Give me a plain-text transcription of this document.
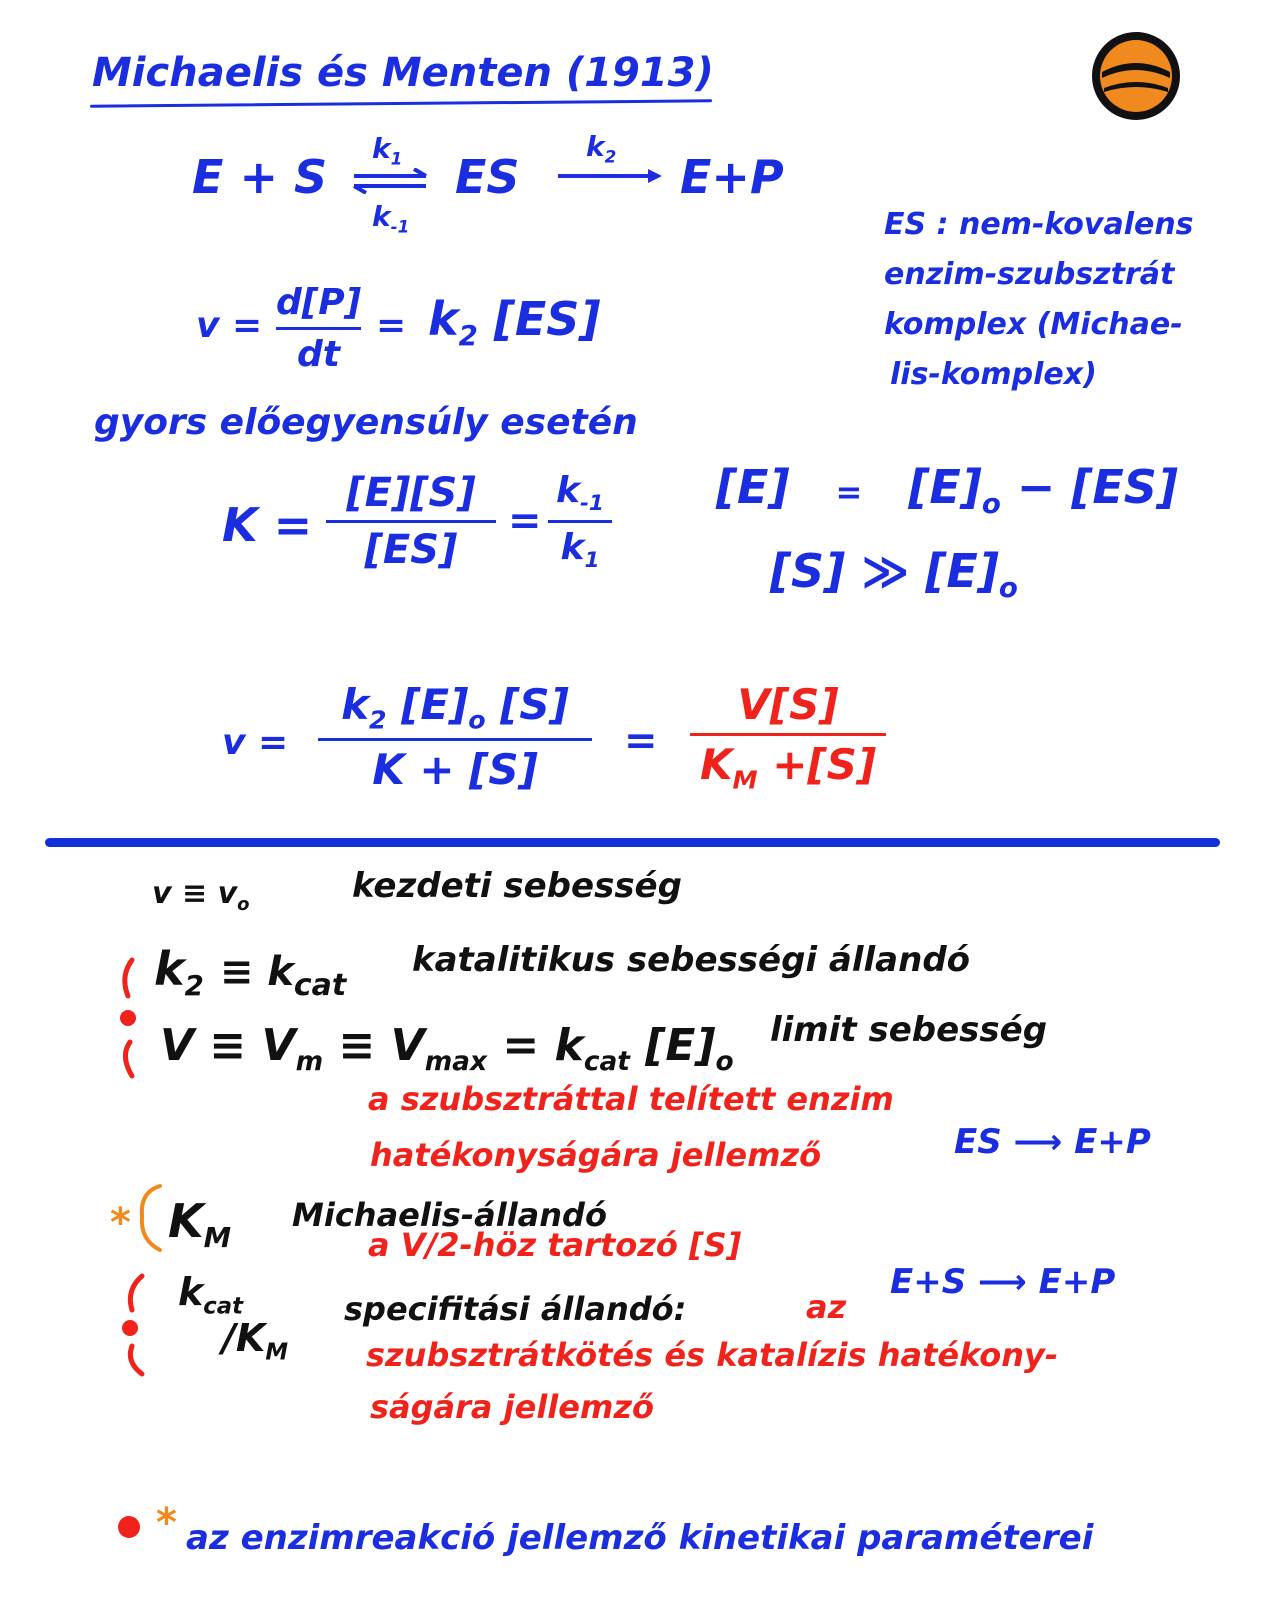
Michaelis és Menten (1913)
E + S
$k_1$
$k_{-1}$
ES
$k_2$ E+P
ES : nem-kovalens
enzim-szubsztrát
komplex (Michae-
lis-komplex)
v =
d[P]
dt
= $k_2$ [ES]
gyors előegyensúly esetén
K =
[E][S]
[ES]
=
$k_{-1}$
$k_1$
$[E] = [E]_o - [ES]$
[S] ≫ $[E]_o$
v =
$k_2$ $[E]_o$ [S]
K + [S]
=
V[S]
$K_M +[S]$
$v \equiv v_o$	kezdeti sebesség
$k_2 \equiv k_{cat}$
katalitikus sebességi állandó
$V \equiv V_m \equiv V_{max} = k_{cat}$ $[E]_o$
limit sebesség
a szubsztráttal telített enzim
hatékonyságára jellemző	ES ⟶ E+P
* $K_M$
Michaelis-állandó
a V/2-höz tartozó [S]
$k_{cat}$
$/K_M$
specifitási állandó:	az
E+S ⟶ E+P
szubsztrátkötés és katalízis hatékony-
ságára jellemző
* az enzimreakció jellemző kinetikai paraméterei
